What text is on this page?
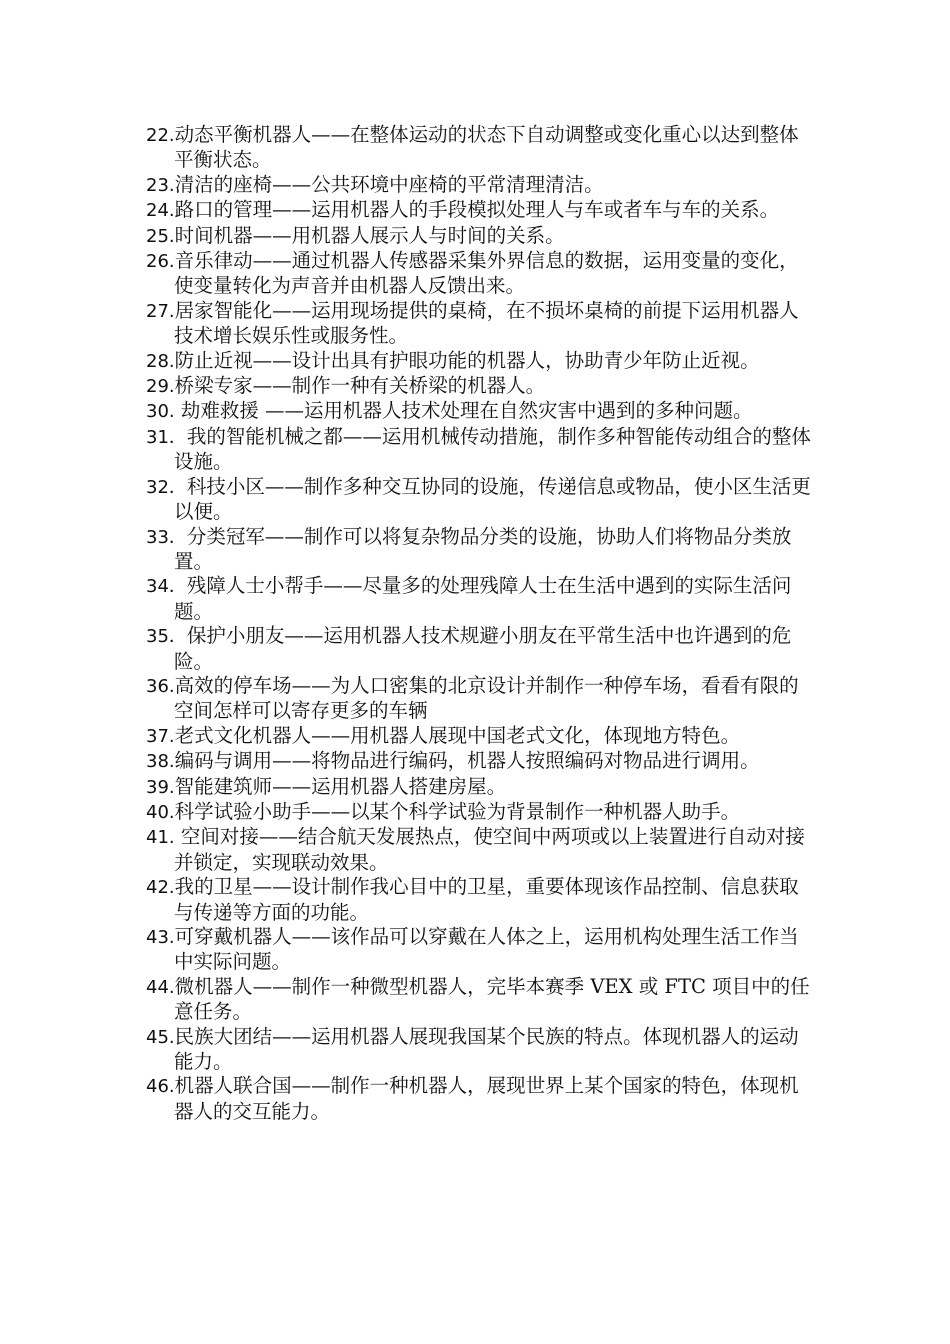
22.动态平衡机器人——在整体运动的状态下自动调整或变化重心以达到整体平衡状态。
23.清洁的座椅——公共环境中座椅的平常清理清洁。
24.路口的管理——运用机器人的手段模拟处理人与车或者车与车的关系。
25.时间机器——用机器人展示人与时间的关系。
26.音乐律动——通过机器人传感器采集外界信息的数据，运用变量的变化，使变量转化为声音并由机器人反馈出来。
27.居家智能化——运用现场提供的桌椅，在不损坏桌椅的前提下运用机器人技术增长娱乐性或服务性。
28.防止近视——设计出具有护眼功能的机器人，协助青少年防止近视。
29.桥梁专家——制作一种有关桥梁的机器人。
30. 劫难救援 ——运用机器人技术处理在自然灾害中遇到的多种问题。
31．我的智能机械之都——运用机械传动措施，制作多种智能传动组合的整体设施。
32．科技小区——制作多种交互协同的设施，传递信息或物品，使小区生活更以便。
33．分类冠军——制作可以将复杂物品分类的设施，协助人们将物品分类放置。
34．残障人士小帮手——尽量多的处理残障人士在生活中遇到的实际生活问题。
35．保护小朋友——运用机器人技术规避小朋友在平常生活中也许遇到的危险。
36.高效的停车场——为人口密集的北京设计并制作一种停车场，看看有限的空间怎样可以寄存更多的车辆
37.老式文化机器人——用机器人展现中国老式文化，体现地方特色。
38.编码与调用——将物品进行编码，机器人按照编码对物品进行调用。
39.智能建筑师——运用机器人搭建房屋。
40.科学试验小助手——以某个科学试验为背景制作一种机器人助手。
41. 空间对接——结合航天发展热点，使空间中两项或以上装置进行自动对接并锁定，实现联动效果。
42.我的卫星——设计制作我心目中的卫星，重要体现该作品控制、信息获取与传递等方面的功能。
43.可穿戴机器人——该作品可以穿戴在人体之上，运用机构处理生活工作当中实际问题。
44.微机器人——制作一种微型机器人，完毕本赛季 VEX 或 FTC 项目中的任意任务。
45.民族大团结——运用机器人展现我国某个民族的特点。体现机器人的运动能力。
46.机器人联合国——制作一种机器人，展现世界上某个国家的特色，体现机器人的交互能力。
